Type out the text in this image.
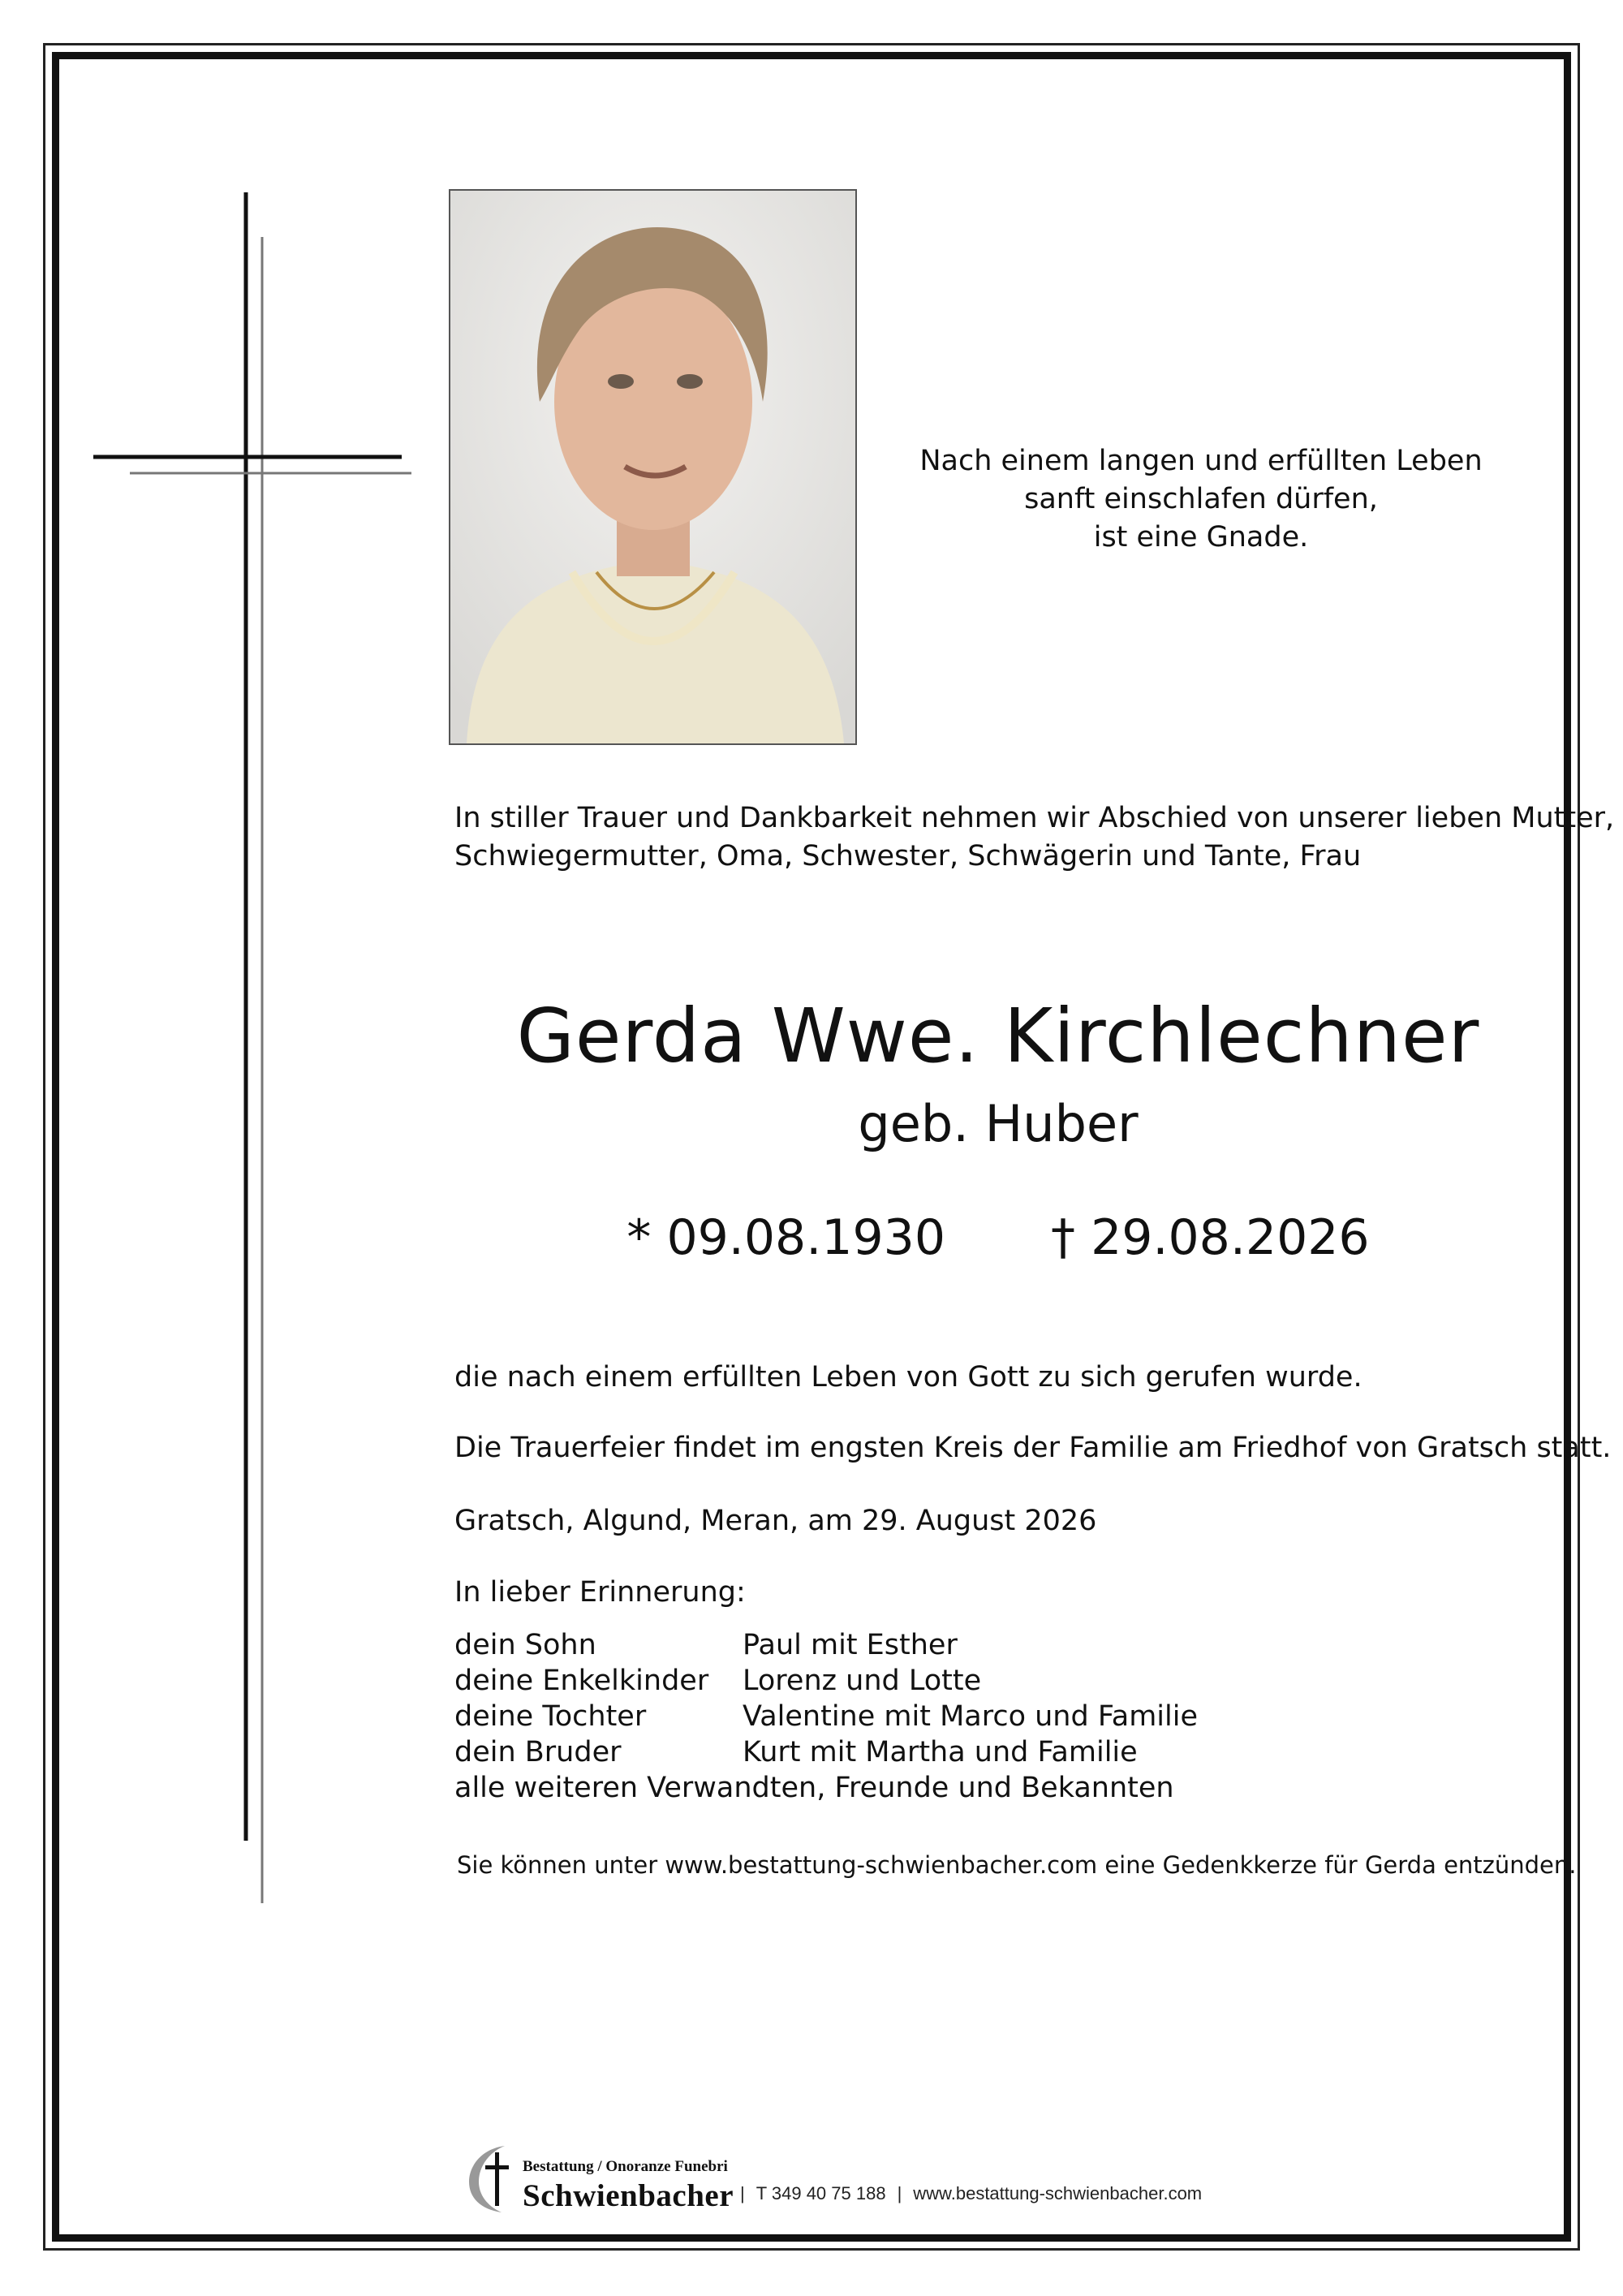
Nach einem langen und erfüllten Leben
sanft einschlafen dürfen,
ist eine Gnade.
In stiller Trauer und Dankbarkeit nehmen wir Abschied von unserer lieben Mutter,
Schwiegermutter, Oma, Schwester, Schwägerin und Tante, Frau
Gerda Wwe. Kirchlechner
geb. Huber
* 09.08.1930 † 29.08.2026
die nach einem erfüllten Leben von Gott zu sich gerufen wurde.
Die Trauerfeier findet im engsten Kreis der Familie am Friedhof von Gratsch statt.
Gratsch, Algund, Meran, am 29. August 2026
In lieber Erinnerung:
dein Sohn	Paul mit Esther
deine Enkelkinder	Lorenz und Lotte
deine Tochter	Valentine mit Marco und Familie
dein Bruder	Kurt mit Martha und Familie
alle weiteren Verwandten, Freunde und Bekannten
Sie können unter www.bestattung-schwienbacher.com eine Gedenkkerze für Gerda entzünden.
Bestattung / Onoranze Funebri
Schwienbacher | T 349 40 75 188 | www.bestattung-schwienbacher.com
